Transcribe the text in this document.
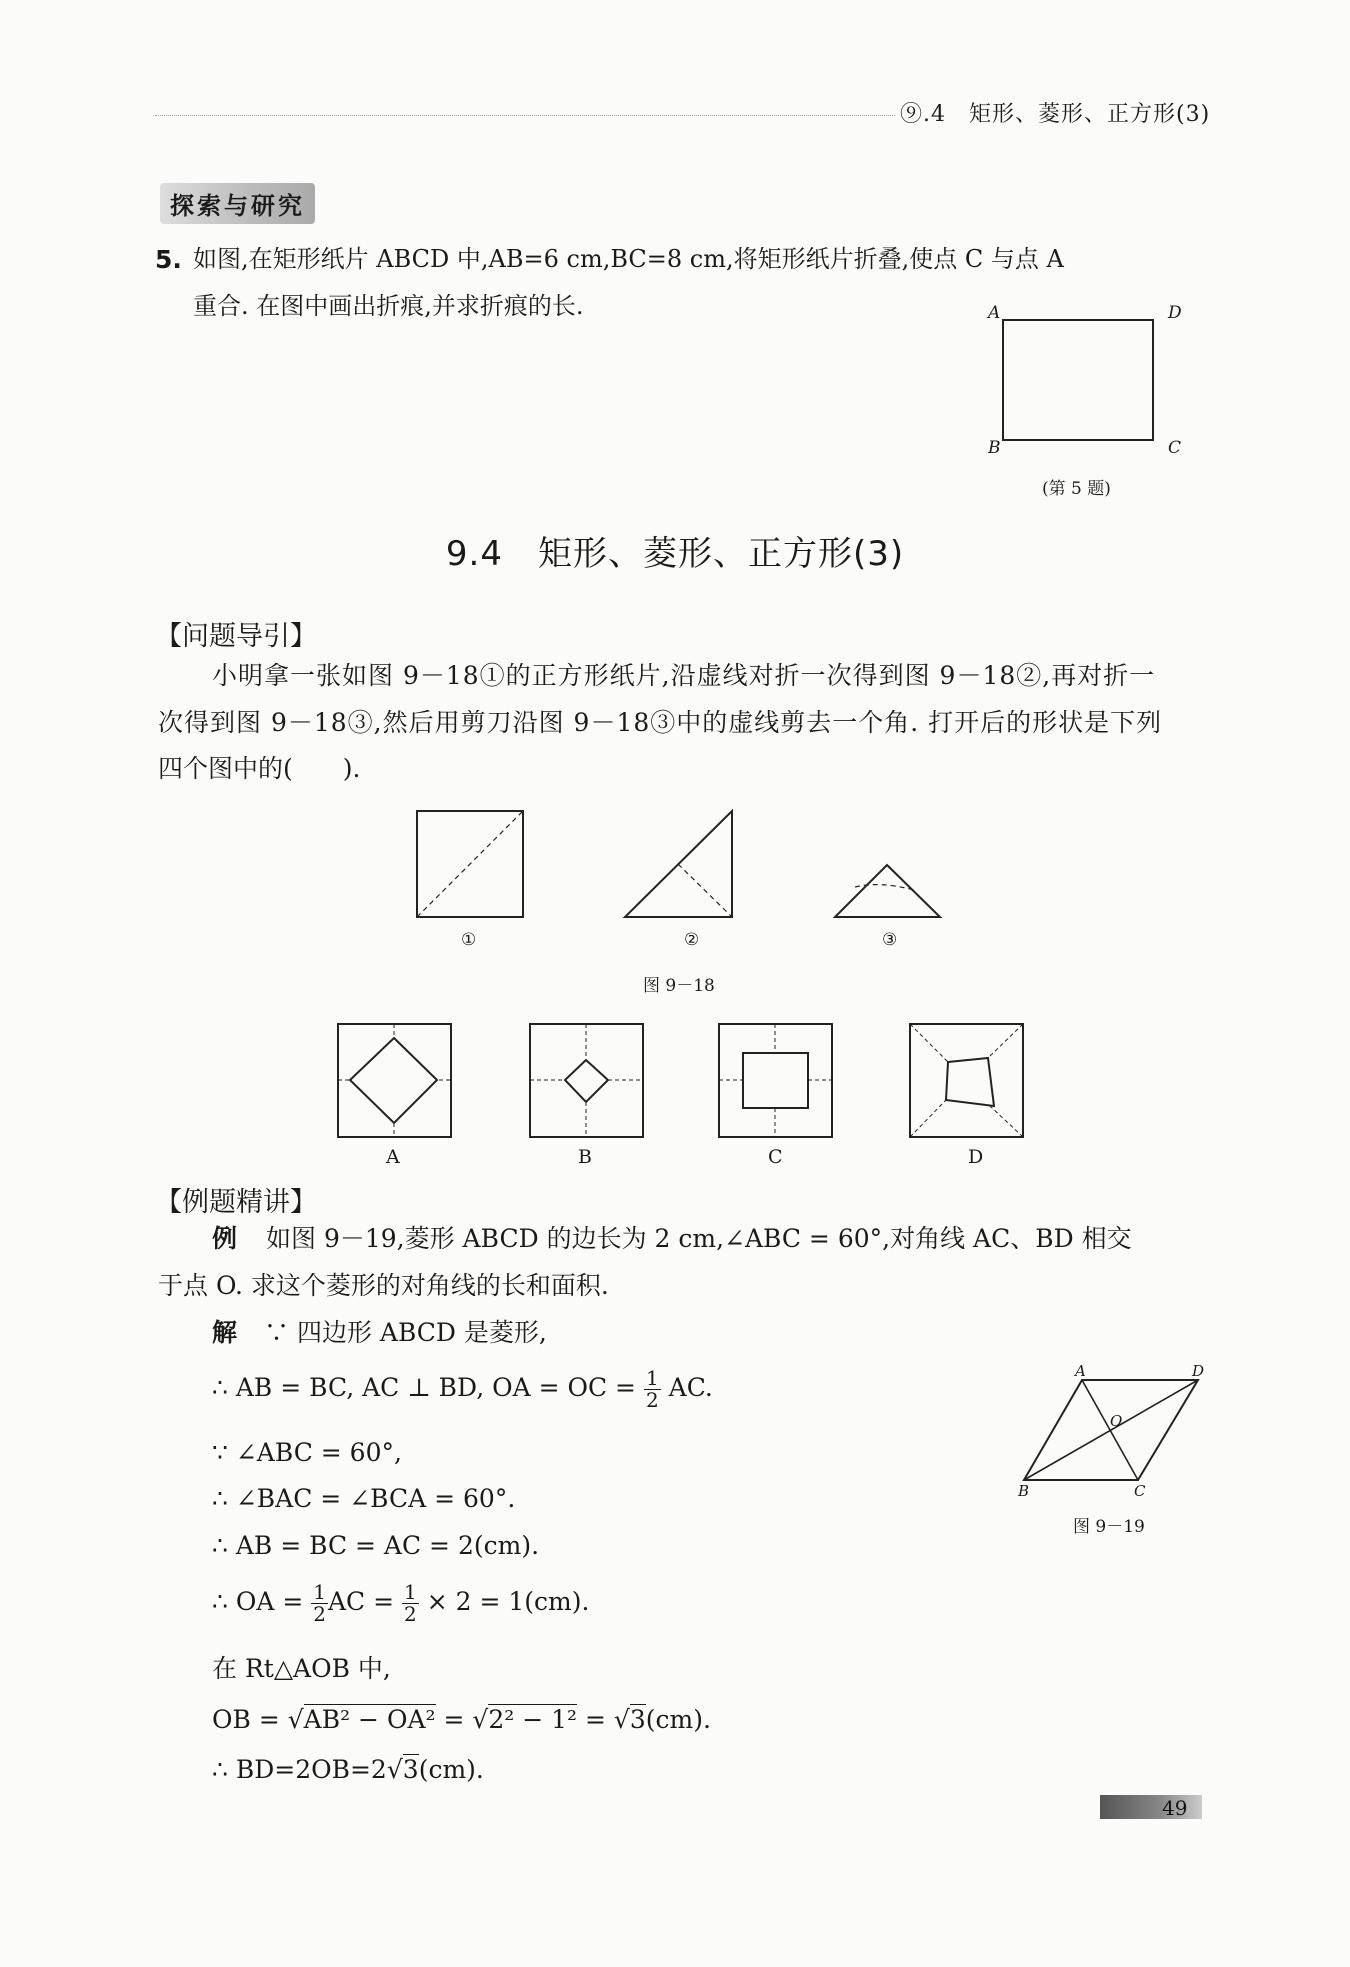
⑨.4　矩形、菱形、正方形(3)
探索与研究
5. 如图,在矩形纸片 ABCD 中,AB=6 cm,BC=8 cm,将矩形纸片折叠,使点 C 与点 A
重合. 在图中画出折痕,并求折痕的长.	A	D
B	C
(第 5 题)
9.4　矩形、菱形、正方形(3)
【问题导引】
小明拿一张如图 9－18①的正方形纸片,沿虚线对折一次得到图 9－18②,再对折一
次得到图 9－18③,然后用剪刀沿图 9－18③中的虚线剪去一个角. 打开后的形状是下列
四个图中的(　　).
①	②	③
图 9－18
A	B	C	D
【例题精讲】
例 如图 9－19,菱形 ABCD 的边长为 2 cm,∠ABC = 60°,对角线 AC、BD 相交
于点 O. 求这个菱形的对角线的长和面积.
解 ∵ 四边形 ABCD 是菱形,
∴ AB = BC, AC ⊥ BD, OA = OC = $\frac{1}{2}$ AC.
∵ ∠ABC = 60°,
∴ ∠BAC = ∠BCA = 60°.
∴ AB = BC = AC = 2(cm).
∴ OA = $\frac{1}{2}$ AC = $\frac{1}{2} \times 2 = 1(cm)$.
在 Rt△AOB 中,
OB = √AB² − OA² = √2² − 1² = √3(cm).
∴ BD=2OB=2√3(cm).
A	D
O
B	C
图 9－19
49
